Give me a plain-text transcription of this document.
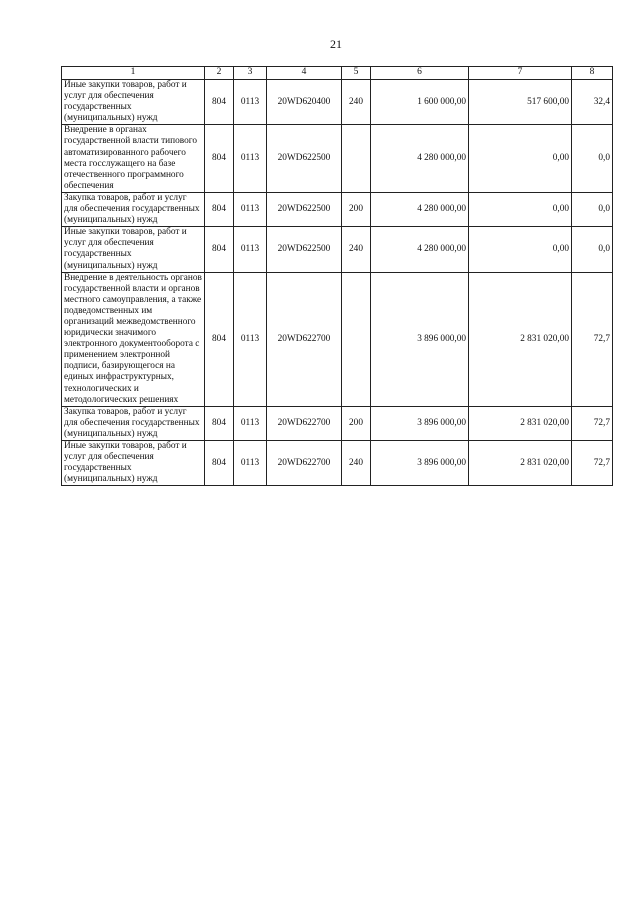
21
1	2	3	4	5	6	7	8
Иные закупки товаров, работ и услуг для обеспечения государственных (муниципальных) нужд	804	0113	20WD620400	240	1 600 000,00	517 600,00	32,4
Внедрение в органах государственной власти типового автоматизированного рабочего места госслужащего на базе отечественного программного обеспечения	804	0113	20WD622500		4 280 000,00	0,00	0,0
Закупка товаров, работ и услуг для обеспечения государственных (муниципальных) нужд	804	0113	20WD622500	200	4 280 000,00	0,00	0,0
Иные закупки товаров, работ и услуг для обеспечения государственных (муниципальных) нужд	804	0113	20WD622500	240	4 280 000,00	0,00	0,0
Внедрение в деятельность органов государственной власти и органов местного самоуправления, а также подведомственных им организаций межведомственного юридически значимого электронного документооборота с применением электронной подписи, базирующегося на единых инфраструктурных, технологических и методологических решениях	804	0113	20WD622700		3 896 000,00	2 831 020,00	72,7
Закупка товаров, работ и услуг для обеспечения государственных (муниципальных) нужд	804	0113	20WD622700	200	3 896 000,00	2 831 020,00	72,7
Иные закупки товаров, работ и услуг для обеспечения государственных (муниципальных) нужд	804	0113	20WD622700	240	3 896 000,00	2 831 020,00	72,7
